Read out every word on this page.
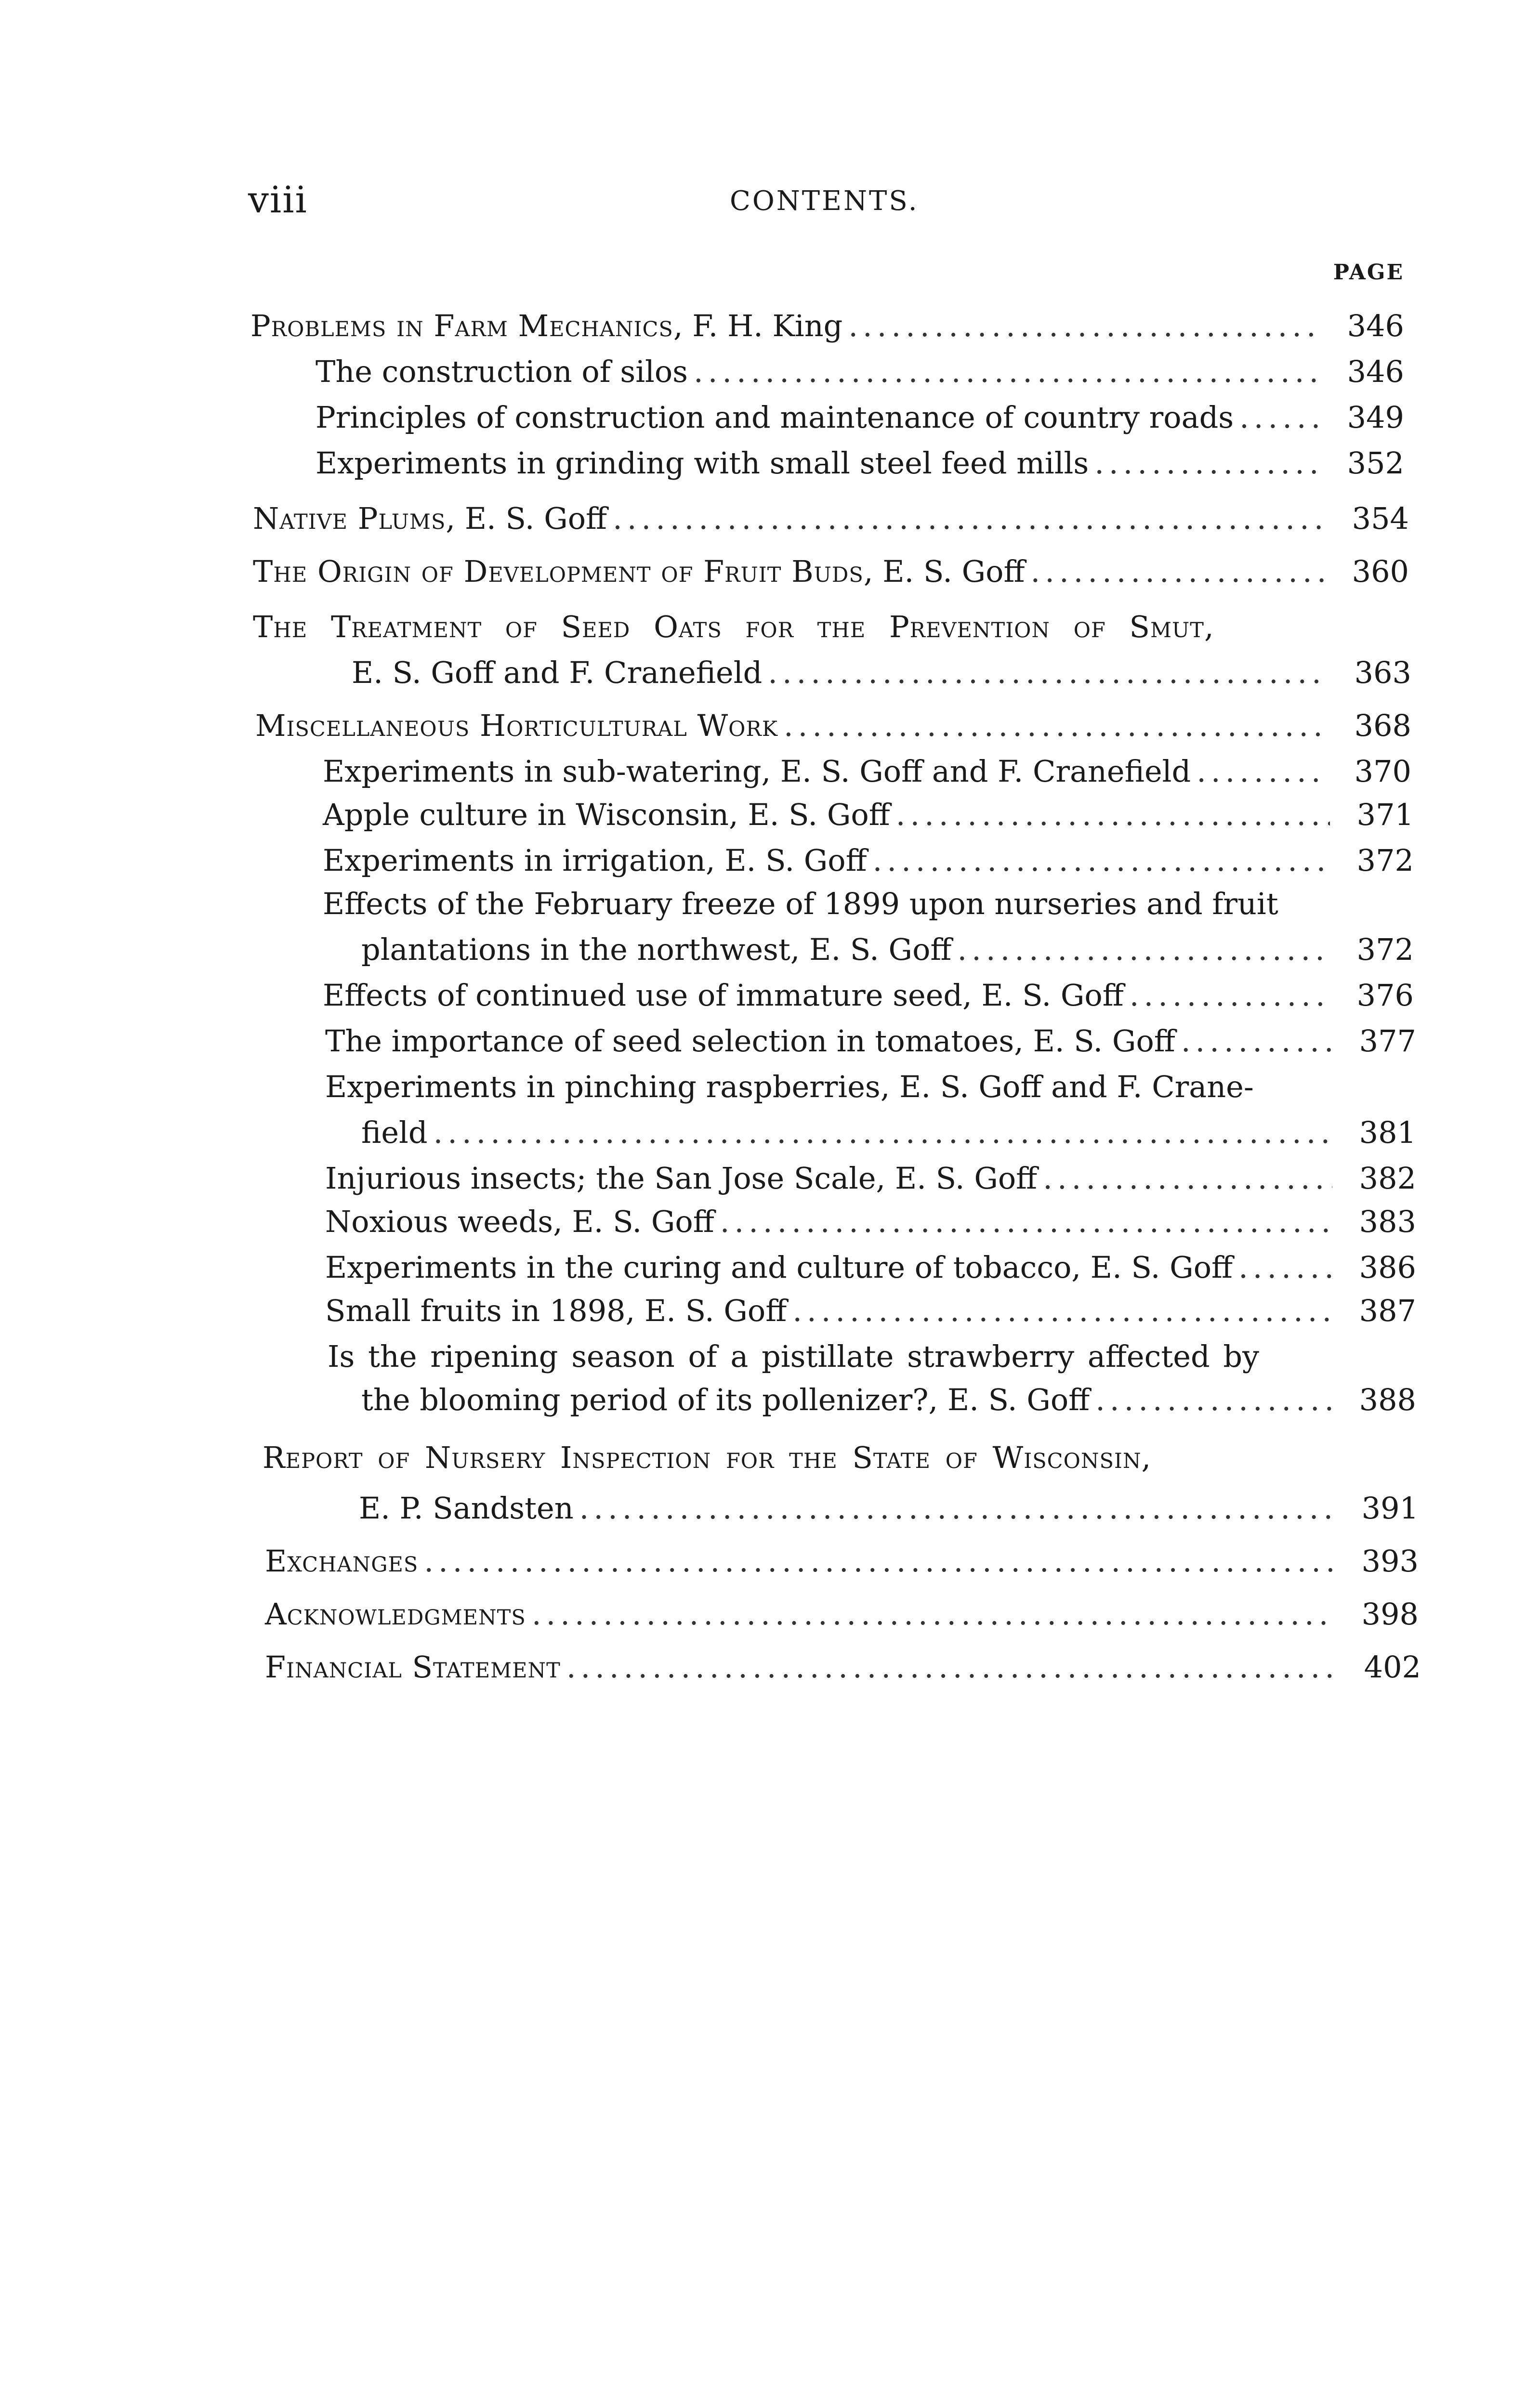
viii	CONTENTS.
PAGE
Problems in Farm Mechanics, F. H. King .....	346
The construction of silos .....	346
Principles of construction and maintenance of country roads .....	349
Experiments in grinding with small steel feed mills .....	352
Native Plums, E. S. Goff .....	354
The Origin of Development of Fruit Buds, E. S. Goff .....	360
The Treatment of Seed Oats for the Prevention of Smut,
E. S. Goff and F. Cranefield .....	363
Miscellaneous Horticultural Work .....	368
Experiments in sub-watering, E. S. Goff and F. Cranefield .....	370
Apple culture in Wisconsin, E. S. Goff .....	371
Experiments in irrigation, E. S. Goff .....	372
Effects of the February freeze of 1899 upon nurseries and fruit
plantations in the northwest, E. S. Goff .....	372
Effects of continued use of immature seed, E. S. Goff .....	376
The importance of seed selection in tomatoes, E. S. Goff .....	377
Experiments in pinching raspberries, E. S. Goff and F. Crane-
field .....	381
Injurious insects; the San Jose Scale, E. S. Goff .....	382
Noxious weeds, E. S. Goff .....	383
Experiments in the curing and culture of tobacco, E. S. Goff .....	386
Small fruits in 1898, E. S. Goff .....	387
Is the ripening season of a pistillate strawberry affected by
the blooming period of its pollenizer?, E. S. Goff .....	388
Report of Nursery Inspection for the State of Wisconsin,
E. P. Sandsten .....	391
Exchanges .....	393
Acknowledgments .....	398
Financial Statement .....	402
